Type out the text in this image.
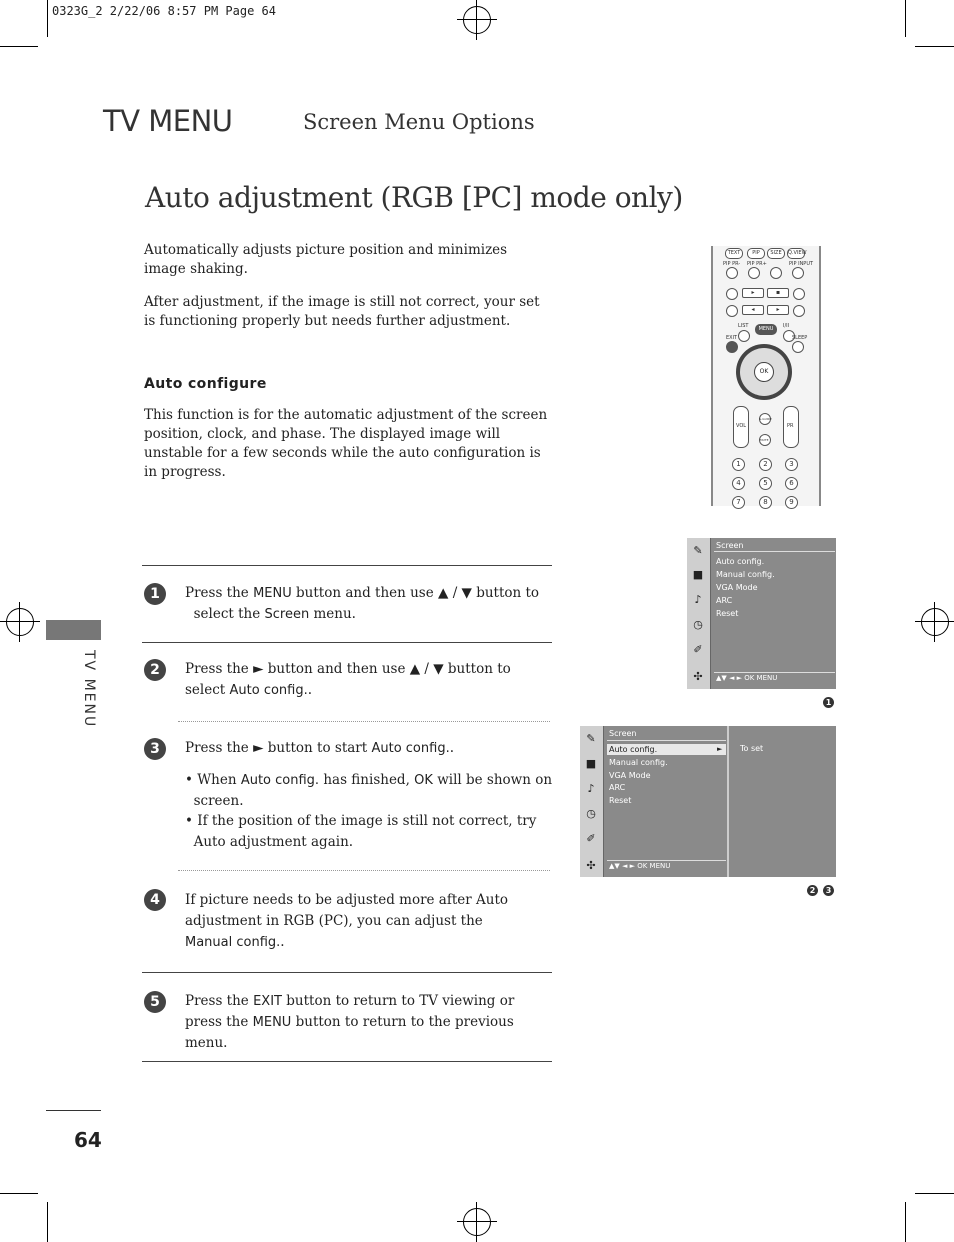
0323G_2 2/22/06 8:57 PM Page 64
TV MENU	Screen Menu Options
Auto adjustment (RGB [PC] mode only)
Automatically adjusts picture position and minimizes image shaking.
After adjustment, if the image is still not correct, your set is functioning properly but needs further adjustment.
Auto configure
This function is for the automatic adjustment of the screen position, clock, and phase. The displayed image will unstable for a few seconds while the auto configuration is in progress.
TV MENU
64
1	Press the MENU button and then use ▲ / ▼ button to
select the Screen menu.
2	Press the ► button and then use ▲ / ▼ button to
select Auto config..
3	Press the ► button to start Auto config..
• When Auto config. has finished, OK will be shown on
screen.
• If the position of the image is still not correct, try
Auto adjustment again.
4	If picture needs to be adjusted more after Auto
adjustment in RGB (PC), you can adjust the
Manual config..
5	Press the EXIT button to return to TV viewing or
press the MENU button to return to the previous menu.
TEXT	PIP	SIZE	Q.VIEW
PIP PR- PIP PR+	PIP INPUT
▸	▪
◂	▸
LIST	MENU	I/II
EXIT	SLEEP
OK
VOL	PR
G.GUIDE
MUTE
1	2	3
4	5	6
7	8	9
✎
■
♪
◷
✐
✣
Screen
Auto config.
Manual config.
VGA Mode
ARC
Reset
▲▼ ◄ ► OK MENU
1
✎
■
♪
◷
✐
✣
Screen
Auto config.	►
Manual config.
VGA Mode
ARC
Reset
To set
▲▼ ◄ ► OK MENU
2	3
